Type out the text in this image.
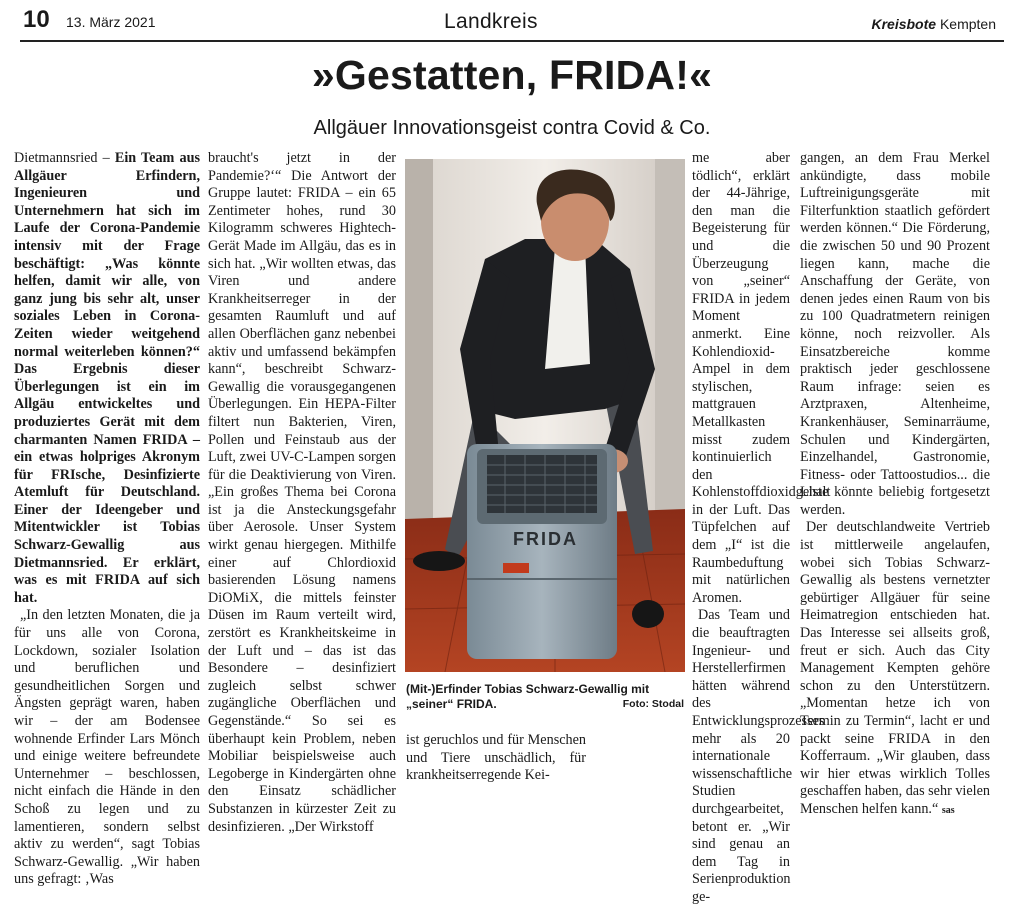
10 13. März 2021	Landkreis	Kreisbote Kempten
»Gestatten, FRIDA!«
Allgäuer Innovationsgeist contra Covid & Co.

Dietmannsried – Ein Team aus Allgäuer Erfindern, Ingenieuren und Unternehmern hat sich im Laufe der Corona-Pandemie intensiv mit der Frage beschäftigt: „Was könnte helfen, damit wir alle, von ganz jung bis sehr alt, unser soziales Leben in Corona-Zeiten wieder weitgehend normal weiterleben können?“ Das Ergebnis dieser Überlegungen ist ein im Allgäu entwickeltes und produziertes Gerät mit dem charmanten Namen FRIDA – ein etwas holpriges Akronym für FRIsche, Desinfizierte Atemluft für Deutschland. Einer der Ideengeber und Mitentwickler ist Tobias Schwarz-Gewallig aus Dietmannsried. Er erklärt, was es mit FRIDA auf sich hat.

„In den letzten Monaten, die ja für uns alle von Corona, Lockdown, sozialer Isolation und beruflichen und gesundheitlichen Sorgen und Ängsten geprägt waren, haben wir – der am Bodensee wohnende Erfinder Lars Mönch und einige weitere befreundete Unternehmer – beschlossen, nicht einfach die Hände in den Schoß zu legen und zu lamentieren, sondern selbst aktiv zu werden“, sagt Tobias Schwarz-Gewallig. „Wir haben uns gefragt: ‚Was

braucht's jetzt in der Pandemie?‘“ Die Antwort der Gruppe lautet: FRIDA – ein 65 Zentimeter hohes, rund 30 Kilogramm schweres Hightech-Gerät Made im Allgäu, das es in sich hat. „Wir wollten etwas, das Viren und andere Krankheitserreger in der gesamten Raumluft und auf allen Oberflächen ganz nebenbei aktiv und umfassend bekämpfen kann“, beschreibt Schwarz-Gewallig die vorausgegangenen Überlegungen. Ein HEPA-Filter filtert nun Bakterien, Viren, Pollen und Feinstaub aus der Luft, zwei UV-C-Lampen sorgen für die Deaktivierung von Viren. „Ein großes Thema bei Corona ist ja die Ansteckungsgefahr über Aerosole. Unser System wirkt genau hiergegen. Mithilfe einer auf Chlordioxid basierenden Lösung namens DiOMiX, die mittels feinster Düsen im Raum verteilt wird, zerstört es Krankheitskeime in der Luft und – das ist das Besondere – desinfiziert zugleich selbst schwer zugängliche Oberflächen und Gegenstände.“ So sei es überhaupt kein Problem, neben Mobiliar beispielsweise auch Legoberge in Kindergärten ohne den Einsatz schädlicher Substanzen in kürzester Zeit zu desinfizieren. „Der Wirkstoff

FRIDA
(Mit-)Erfinder Tobias Schwarz-Gewallig mit „seiner“ FRIDA.	Foto: Stodal

ist geruchlos und für Menschen und Tiere unschädlich, für krankheitserregende Kei-

me aber tödlich“, erklärt der 44-Jährige, den man die Begeisterung für und die Überzeugung von „seiner“ FRIDA in jedem Moment anmerkt. Eine Kohlendioxid-Ampel in dem stylischen, mattgrauen Metallkasten misst zudem kontinuierlich den Kohlenstoffdioxidgehalt in der Luft. Das Tüpfelchen auf dem „I“ ist die Raumbeduftung mit natürlichen Aromen.

Das Team und die beauftragten Ingenieur- und Herstellerfirmen hätten während des Entwicklungsprozesses mehr als 20 internationale wissenschaftliche Studien durchgearbeitet, betont er. „Wir sind genau an dem Tag in Serienproduktion ge-

gangen, an dem Frau Merkel ankündigte, dass mobile Luftreinigungsgeräte mit Filterfunktion staatlich gefördert werden können.“ Die Förderung, die zwischen 50 und 90 Prozent liegen kann, mache die Anschaffung der Geräte, von denen jedes einen Raum von bis zu 100 Quadratmetern reinigen könne, noch reizvoller. Als Einsatzbereiche komme praktisch jeder geschlossene Raum infrage: seien es Arztpraxen, Altenheime, Krankenhäuser, Seminarräume, Schulen und Kindergärten, Einzelhandel, Gastronomie, Fitness- oder Tattoostudios... die Liste könnte beliebig fortgesetzt werden.

Der deutschlandweite Vertrieb ist mittlerweile angelaufen, wobei sich Tobias Schwarz-Gewallig als bestens vernetzter gebürtiger Allgäuer für seine Heimatregion entschieden hat. Das Interesse sei allseits groß, freut er sich. Auch das City Management Kempten gehöre schon zu den Unterstützern. „Momentan hetze ich von Termin zu Termin“, lacht er und packt seine FRIDA in den Kofferraum. „Wir glauben, dass wir hier etwas wirklich Tolles geschaffen haben, das sehr vielen Menschen helfen kann.“ sas
